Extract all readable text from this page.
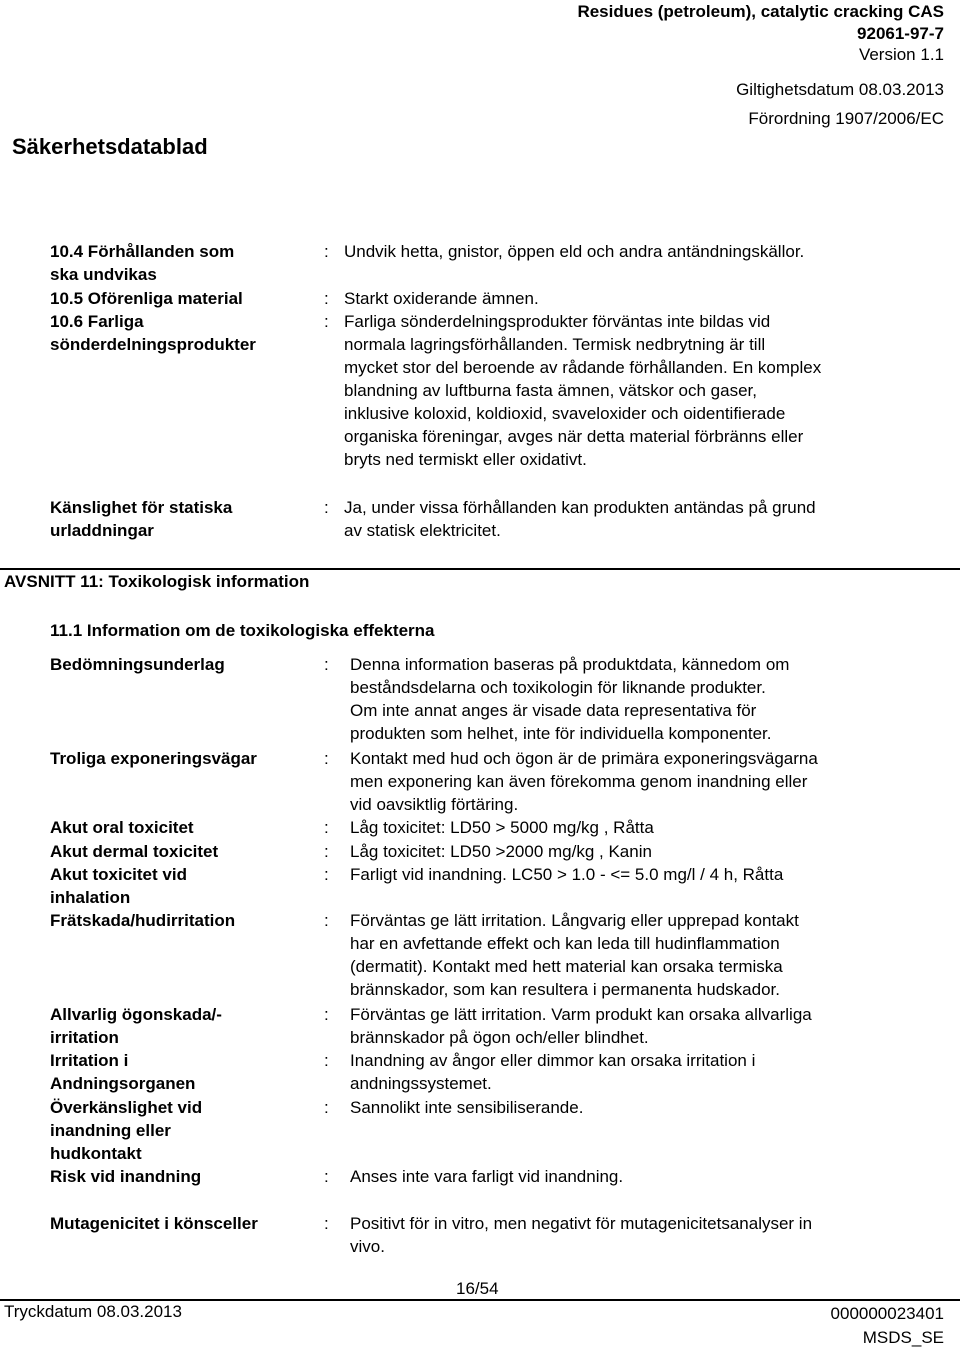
Residues (petroleum), catalytic cracking CAS
92061-97-7
Version 1.1
Giltighetsdatum 08.03.2013
Förordning 1907/2006/EC
Säkerhetsdatablad
10.4 Förhållanden som
ska undvikas
: Undvik hetta, gnistor, öppen eld och andra antändningskällor.
10.5 Oförenliga material	: Starkt oxiderande ämnen.
10.6 Farliga
sönderdelningsprodukter
: Farliga sönderdelningsprodukter förväntas inte bildas vid
normala lagringsförhållanden. Termisk nedbrytning är till
mycket stor del beroende av rådande förhållanden. En komplex
blandning av luftburna fasta ämnen, vätskor och gaser,
inklusive koloxid, koldioxid, svaveloxider och oidentifierade
organiska föreningar, avges när detta material förbränns eller
bryts ned termiskt eller oxidativt.
Känslighet för statiska
urladdningar
: Ja, under vissa förhållanden kan produkten antändas på grund
av statisk elektricitet.
AVSNITT 11: Toxikologisk information
11.1 Information om de toxikologiska effekterna
Bedömningsunderlag	: Denna information baseras på produktdata, kännedom om
beståndsdelarna och toxikologin för liknande produkter.
Om inte annat anges är visade data representativa för
produkten som helhet, inte för individuella komponenter.
Troliga exponeringsvägar	: Kontakt med hud och ögon är de primära exponeringsvägarna
men exponering kan även förekomma genom inandning eller
vid oavsiktlig förtäring.
Akut oral toxicitet	: Låg toxicitet: LD50 > 5000 mg/kg , Råtta
Akut dermal toxicitet	: Låg toxicitet: LD50 >2000 mg/kg , Kanin
Akut toxicitet vid
inhalation
: Farligt vid inandning. LC50 > 1.0 - <= 5.0 mg/l / 4 h, Råtta
Frätskada/hudirritation	: Förväntas ge lätt irritation. Långvarig eller upprepad kontakt
har en avfettande effekt och kan leda till hudinflammation
(dermatit). Kontakt med hett material kan orsaka termiska
brännskador, som kan resultera i permanenta hudskador.
Allvarlig ögonskada/-
irritation
: Förväntas ge lätt irritation. Varm produkt kan orsaka allvarliga
brännskador på ögon och/eller blindhet.
Irritation i
Andningsorganen
: Inandning av ångor eller dimmor kan orsaka irritation i
andningssystemet.
Överkänslighet vid
inandning eller
hudkontakt
: Sannolikt inte sensibiliserande.
Risk vid inandning	: Anses inte vara farligt vid inandning.
Mutagenicitet i könsceller	: Positivt för in vitro, men negativt för mutagenicitetsanalyser in
vivo.
16/54
Tryckdatum 08.03.2013	000000023401
MSDS_SE
